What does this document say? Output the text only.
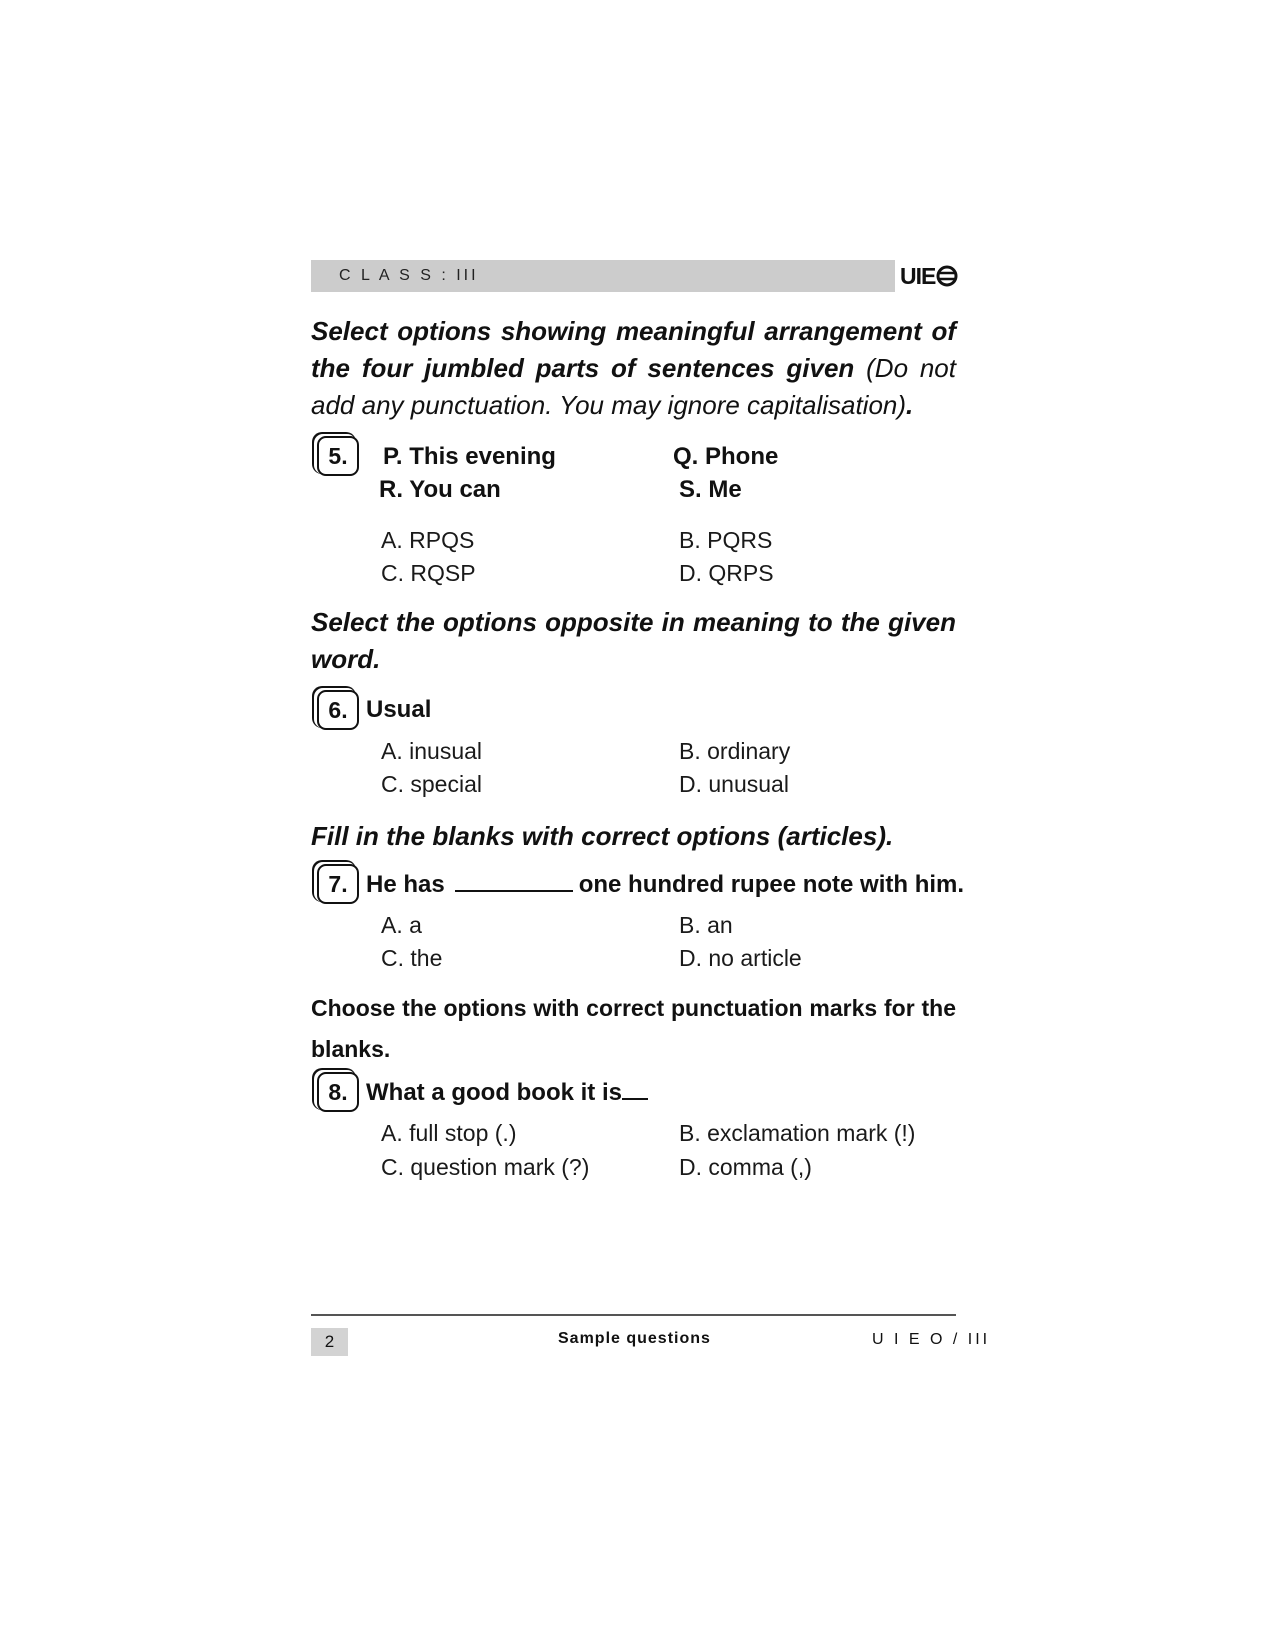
C L A S S : III	UIE
Select options showing meaningful arrangement of the four jumbled parts of sentences given (Do not add any punctuation. You may ignore capitalisation).
5.	P. This evening	Q. Phone
R. You can	S. Me
A. RPQS	B. PQRS
C. RQSP	D. QRPS
Select the options opposite in meaning to the given word.
6. Usual
A. inusual	B. ordinary
C. special	D. unusual
Fill in the blanks with correct options (articles).
7. He has	one hundred rupee note with him.
A. a	B. an
C. the	D. no article
Choose the options with correct punctuation marks for the blanks.
8. What a good book it is
A. full stop (.)	B. exclamation mark (!)
C. question mark (?)	D. comma (,)
2	Sample questions	U I E O / III
